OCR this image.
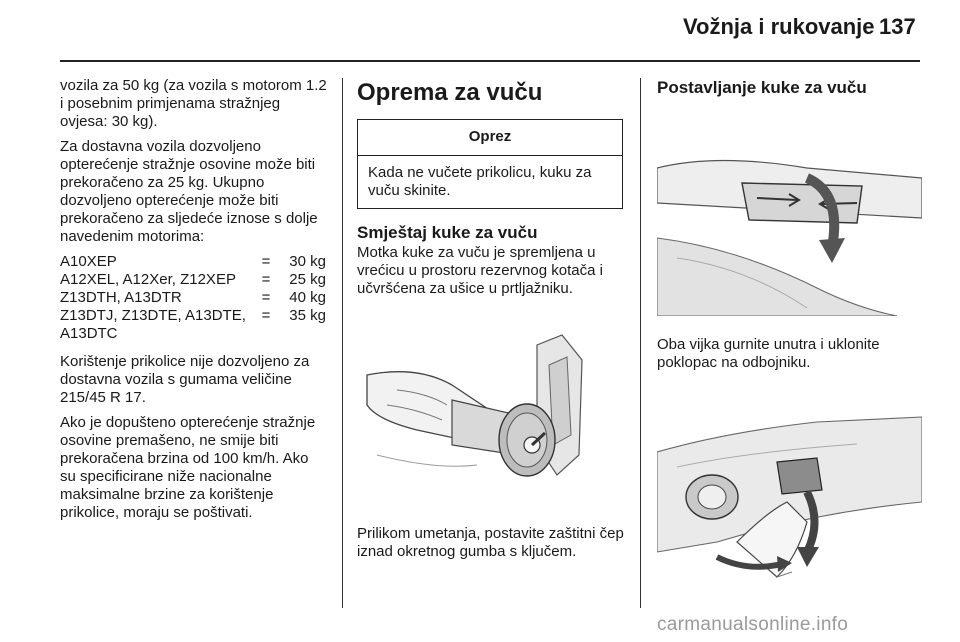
Vožnja i rukovanje 137

vozila za 50 kg (za vozila s motorom 1.2 i posebnim primjenama stražnjeg ovjesa: 30 kg).

Za dostavna vozila dozvoljeno opterećenje stražnje osovine može biti prekoračeno za 25 kg. Ukupno dozvoljeno opterećenje može biti prekoračeno za sljedeće iznose s dolje navedenim motorima:

A10XEP	=	30 kg
A12XEL, A12Xer, Z12XEP	=	25 kg
Z13DTH, A13DTR	=	40 kg
Z13DTJ, Z13DTE, A13DTE, A13DTC	=	35 kg

Korištenje prikolice nije dozvoljeno za dostavna vozila s gumama veličine 215/45 R 17.

Ako je dopušteno opterećenje stražnje osovine premašeno, ne smije biti prekoračena brzina od 100 km/h. Ako su specificirane niže nacionalne maksimalne brzine za korištenje prikolice, moraju se poštivati.

Oprema za vuču
Oprez
Kada ne vučete prikolicu, kuku za vuču skinite.
Smještaj kuke za vuču

Motka kuke za vuču je spremljena u vrećicu u prostoru rezervnog kotača i učvršćena za ušice u prtljažniku.

Prilikom umetanja, postavite zaštitni čep iznad okretnog gumba s ključem.

Postavljanje kuke za vuču

Oba vijka gurnite unutra i uklonite poklopac na odbojniku.

carmanualsonline.info
